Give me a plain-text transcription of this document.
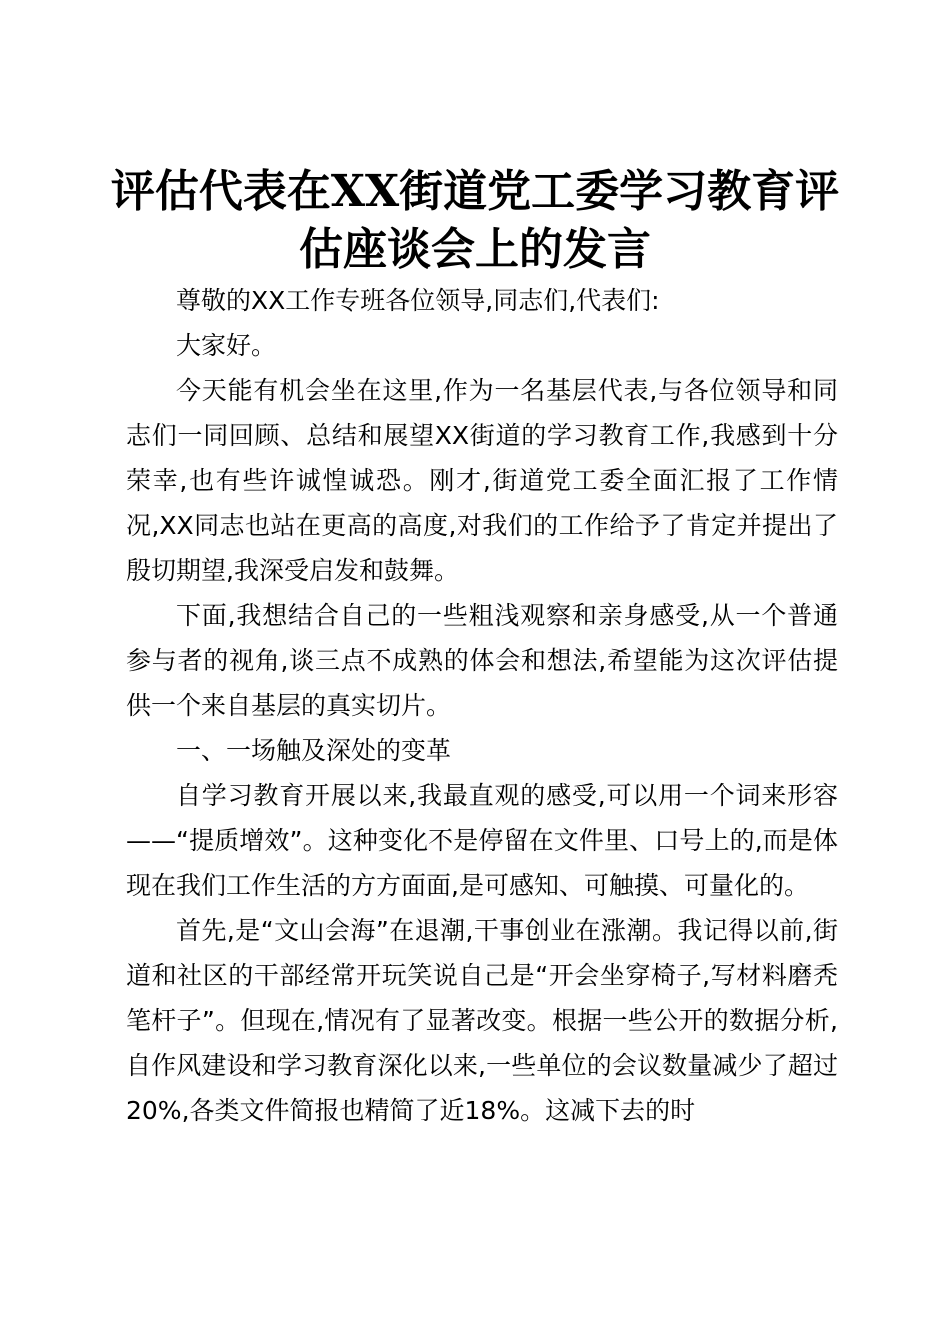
评估代表在XX街道党工委学习教育评估座谈会上的发言

尊敬的XX工作专班各位领导,同志们,代表们:

大家好。

今天能有机会坐在这里,作为一名基层代表,与各位领导和同志们一同回顾、总结和展望XX街道的学习教育工作,我感到十分荣幸,也有些许诚惶诚恐。刚才,街道党工委全面汇报了工作情况,XX同志也站在更高的高度,对我们的工作给予了肯定并提出了殷切期望,我深受启发和鼓舞。

下面,我想结合自己的一些粗浅观察和亲身感受,从一个普通参与者的视角,谈三点不成熟的体会和想法,希望能为这次评估提供一个来自基层的真实切片。

一、一场触及深处的变革

自学习教育开展以来,我最直观的感受,可以用一个词来形容——“提质增效”。这种变化不是停留在文件里、口号上的,而是体现在我们工作生活的方方面面,是可感知、可触摸、可量化的。

首先,是“文山会海”在退潮,干事创业在涨潮。我记得以前,街道和社区的干部经常开玩笑说自己是“开会坐穿椅子,写材料磨秃笔杆子”。但现在,情况有了显著改变。根据一些公开的数据分析,自作风建设和学习教育深化以来,一些单位的会议数量减少了超过20%,各类文件简报也精简了近18%。这减下去的时
